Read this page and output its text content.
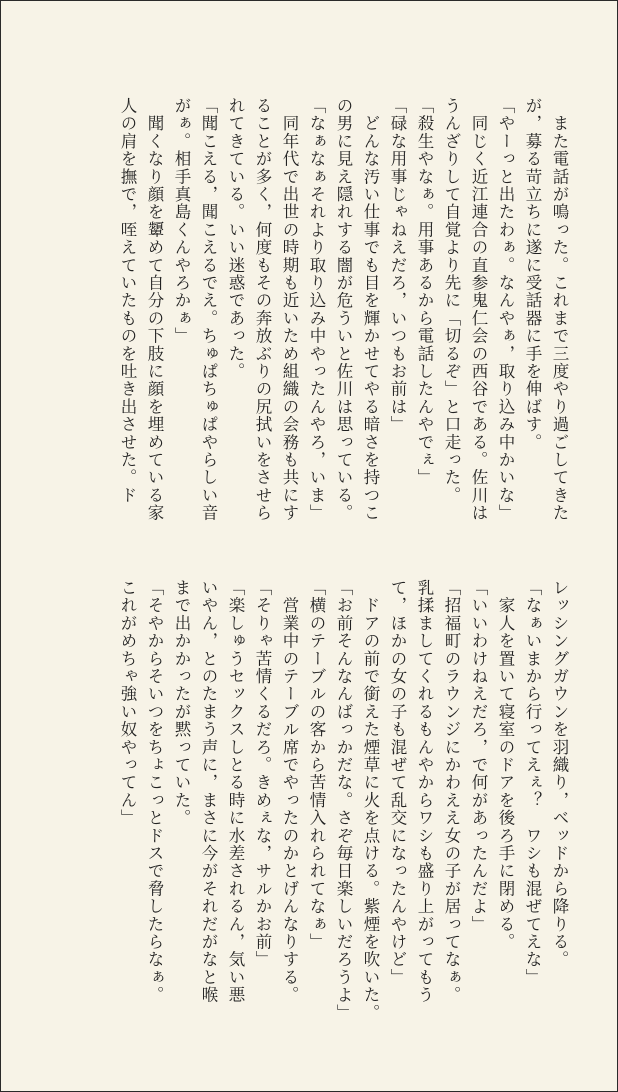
　また電話が鳴った。これまで三度やり過ごしてきた
が，募る苛立ちに遂に受話器に手を伸ばす。
「やーっと出たわぁ。なんやぁ，取り込み中かいな」
　同じく近江連合の直参鬼仁会の西谷である。佐川は
うんざりして自覚より先に「切るぞ」と口走った。
「殺生やなぁ。用事あるから電話したんやでぇ」
「碌な用事じゃねえだろ，いつもお前は」
　どんな汚い仕事でも目を輝かせてやる暗さを持つこ
の男に見え隠れする闇が危ういと佐川は思っている。
「なぁなぁそれより取り込み中やったんやろ，いま」
　同年代で出世の時期も近いため組織の会務も共にす
ることが多く，何度もその奔放ぶりの尻拭いをさせら
れてきている。いい迷惑であった。
「聞こえる，聞こえるでえ。ちゅぱちゅぱやらしい音
がぁ。相手真島くんやろかぁ」
　聞くなり顔を顰めて自分の下肢に顔を埋めている家
人の肩を撫で，咥えていたものを吐き出させた。ド
レッシングガウンを羽織り，ベッドから降りる。
「なぁいまから行ってえぇ？　ワシも混ぜてえな」
　家人を置いて寝室のドアを後ろ手に閉める。
「いいわけねえだろ，で何があったんだよ」
「招福町のラウンジにかわええ女の子が居ってなぁ。
乳揉ましてくれるもんやからワシも盛り上がってもう
て，ほかの女の子も混ぜて乱交になったんやけど」
　ドアの前で銜えた煙草に火を点ける。紫煙を吹いた。
「お前そんなんばっかだな。さぞ毎日楽しいだろうよ」
「横のテーブルの客から苦情入れられてなぁ」
　営業中のテーブル席でやったのかとげんなりする。
「そりゃ苦情くるだろ。きめぇな，サルかお前」
「楽しゅうセックスしとる時に水差されるん，気い悪
いやん，とのたまう声に，まさに今がそれだがなと喉
まで出かかったが黙っていた。
「そやからそいつをちょこっとドスで脅したらなぁ。
これがめちゃ強い奴やってん」
